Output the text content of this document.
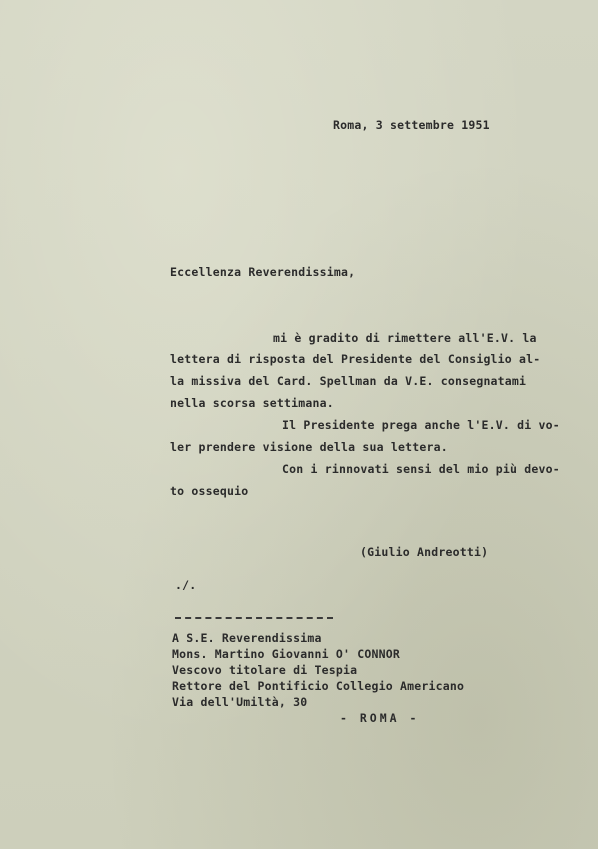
Roma, 3 settembre 1951
Eccellenza Reverendissima,
mi è gradito di rimettere all'E.V. la
lettera di risposta del Presidente del Consiglio al-
la missiva del Card. Spellman da V.E. consegnatami
nella scorsa settimana.
Il Presidente prega anche l'E.V. di vo-
ler prendere visione della sua lettera.
Con i rinnovati sensi del mio più devo-
to ossequio
(Giulio Andreotti)
./.
A S.E. Reverendissima
Mons. Martino Giovanni O' CONNOR
Vescovo titolare di Tespia
Rettore del Pontificio Collegio Americano
Via dell'Umiltà, 30
- ROMA -
